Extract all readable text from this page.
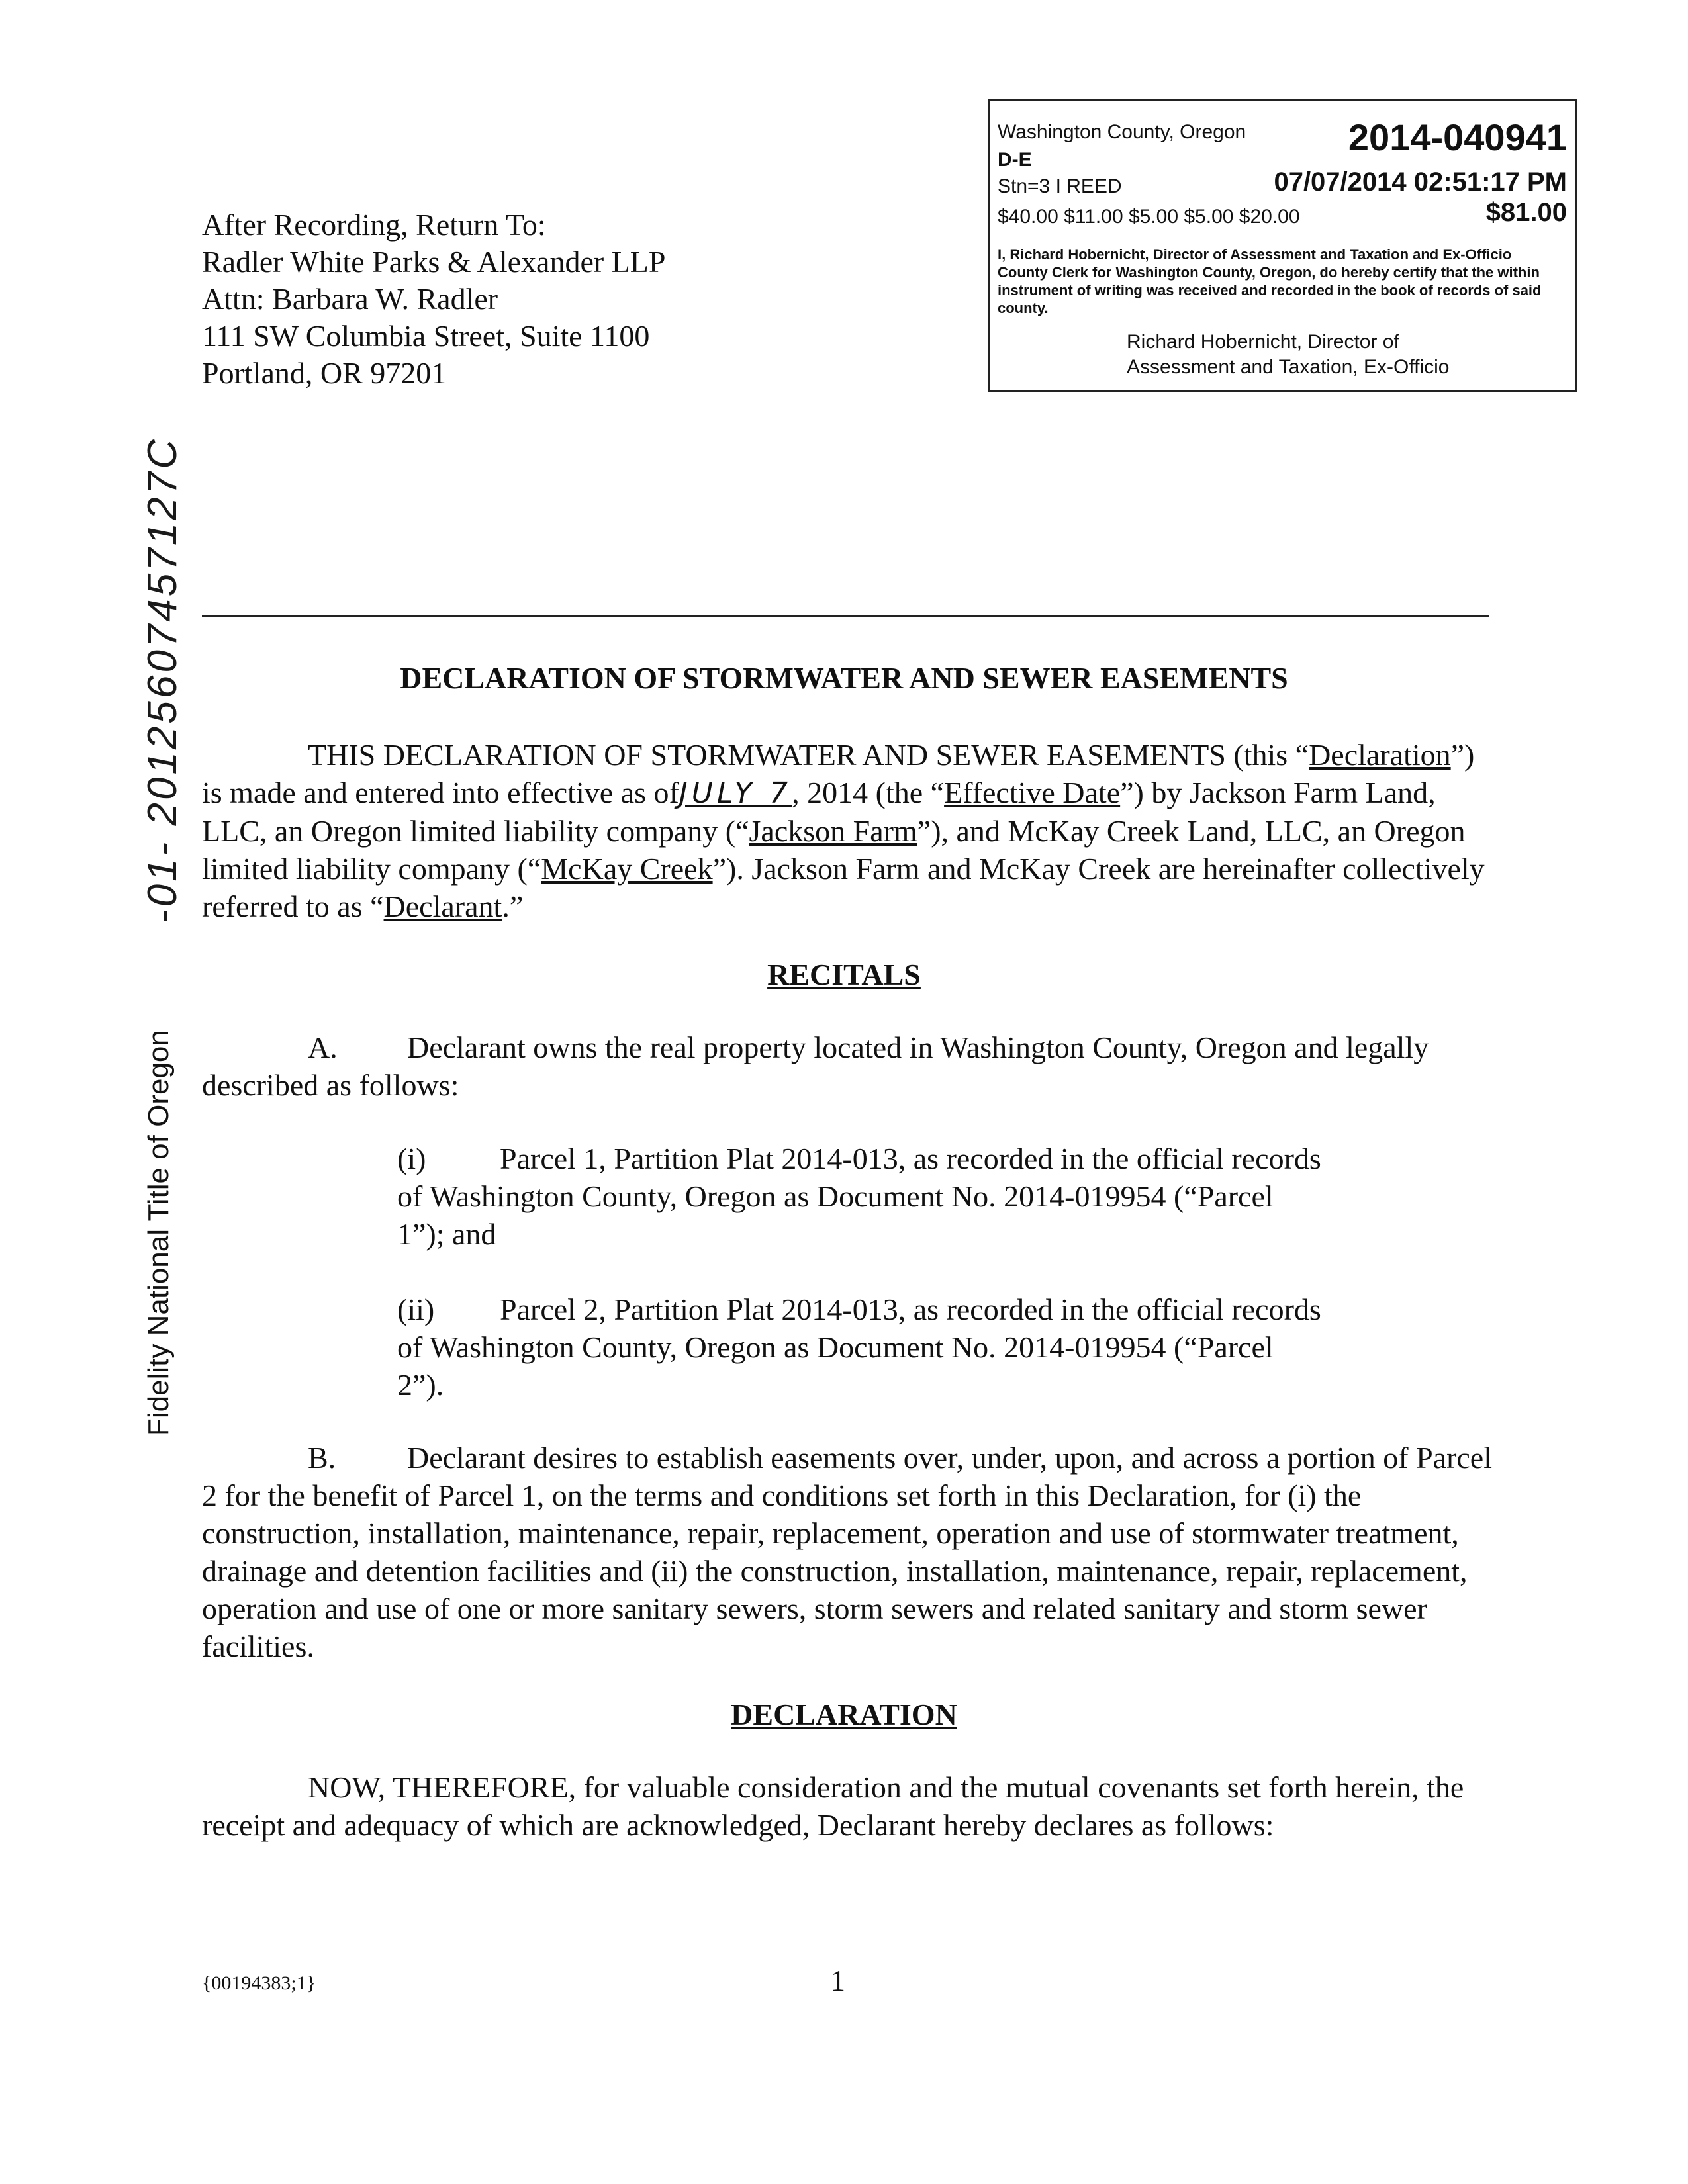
After Recording, Return To:
Radler White Parks & Alexander LLP
Attn: Barbara W. Radler
111 SW Columbia Street, Suite 1100
Portland, OR 97201
Washington County, Oregon	2014-040941
D-E
Stn=3 I REED	07/07/2014 02:51:17 PM
$40.00 $11.00 $5.00 $5.00 $20.00	$81.00
I, Richard Hobernicht, Director of Assessment and Taxation and Ex-Officio County Clerk for Washington County, Oregon, do hereby certify that the within instrument of writing was received and recorded in the book of records of said county.
Richard Hobernicht, Director of
Assessment and Taxation, Ex-Officio
Fidelity National Title of Oregon
-01- 20125607457127C	DECLARATION OF STORMWATER AND SEWER EASEMENTS

THIS DECLARATION OF STORMWATER AND SEWER EASEMENTS (this “Declaration”) is made and entered into effective as ofJULY 7, 2014 (the “Effective Date”) by Jackson Farm Land, LLC, an Oregon limited liability company (“Jackson Farm”), and McKay Creek Land, LLC, an Oregon limited liability company (“McKay Creek”). Jackson Farm and McKay Creek are hereinafter collectively referred to as “Declarant.”

RECITALS

A. Declarant owns the real property located in Washington County, Oregon and legally described as follows:

(i) Parcel 1, Partition Plat 2014-013, as recorded in the official records of Washington County, Oregon as Document No. 2014-019954 (“Parcel 1”); and

(ii) Parcel 2, Partition Plat 2014-013, as recorded in the official records of Washington County, Oregon as Document No. 2014-019954 (“Parcel 2”).

B. Declarant desires to establish easements over, under, upon, and across a portion of Parcel 2 for the benefit of Parcel 1, on the terms and conditions set forth in this Declaration, for (i) the construction, installation, maintenance, repair, replacement, operation and use of stormwater treatment, drainage and detention facilities and (ii) the construction, installation, maintenance, repair, replacement, operation and use of one or more sanitary sewers, storm sewers and related sanitary and storm sewer facilities.

DECLARATION

NOW, THEREFORE, for valuable consideration and the mutual covenants set forth herein, the receipt and adequacy of which are acknowledged, Declarant hereby declares as follows:

{00194383;1}	1
